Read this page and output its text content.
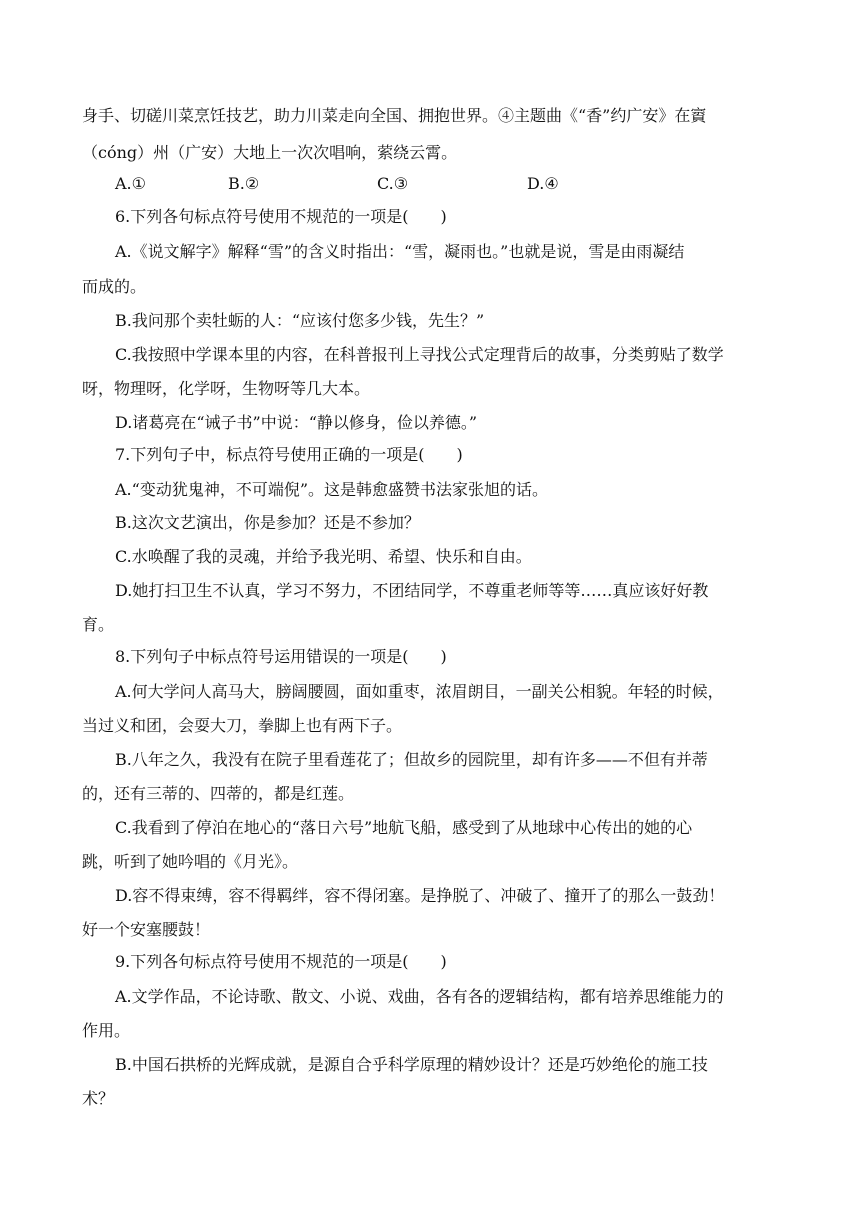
身手、切磋川菜烹饪技艺，助力川菜走向全国、拥抱世界。④主题曲《“香”约广安》在賨
（cóng）州（广安）大地上一次次唱响，萦绕云霄。
A.①	B.②	C.③	D.④
6.下列各句标点符号使用不规范的一项是(　　)
A.《说文解字》解释“雪”的含义时指出：“雪，凝雨也。”也就是说，雪是由雨凝结
而成的。
B.我问那个卖牡蛎的人：“应该付您多少钱，先生？”
C.我按照中学课本里的内容，在科普报刊上寻找公式定理背后的故事，分类剪贴了数学
呀，物理呀，化学呀，生物呀等几大本。
D.诸葛亮在“诫子书”中说：“静以修身，俭以养德。”
7.下列句子中，标点符号使用正确的一项是(　　)
A.“变动犹鬼神，不可端倪”。这是韩愈盛赞书法家张旭的话。
B.这次文艺演出，你是参加？还是不参加？
C.水唤醒了我的灵魂，并给予我光明、希望、快乐和自由。
D.她打扫卫生不认真，学习不努力，不团结同学，不尊重老师等等……真应该好好教
育。
8.下列句子中标点符号运用错误的一项是(　　)
A.何大学问人高马大，膀阔腰圆，面如重枣，浓眉朗目，一副关公相貌。年轻的时候，
当过义和团，会耍大刀，拳脚上也有两下子。
B.八年之久，我没有在院子里看莲花了；但故乡的园院里，却有许多——不但有并蒂
的，还有三蒂的、四蒂的，都是红莲。
C.我看到了停泊在地心的“落日六号”地航飞船，感受到了从地球中心传出的她的心
跳，听到了她吟唱的《月光》。
D.容不得束缚，容不得羁绊，容不得闭塞。是挣脱了、冲破了、撞开了的那么一鼓劲！
好一个安塞腰鼓！
9.下列各句标点符号使用不规范的一项是(　　)
A.文学作品，不论诗歌、散文、小说、戏曲，各有各的逻辑结构，都有培养思维能力的
作用。
B.中国石拱桥的光辉成就，是源自合乎科学原理的精妙设计？还是巧妙绝伦的施工技
术？
